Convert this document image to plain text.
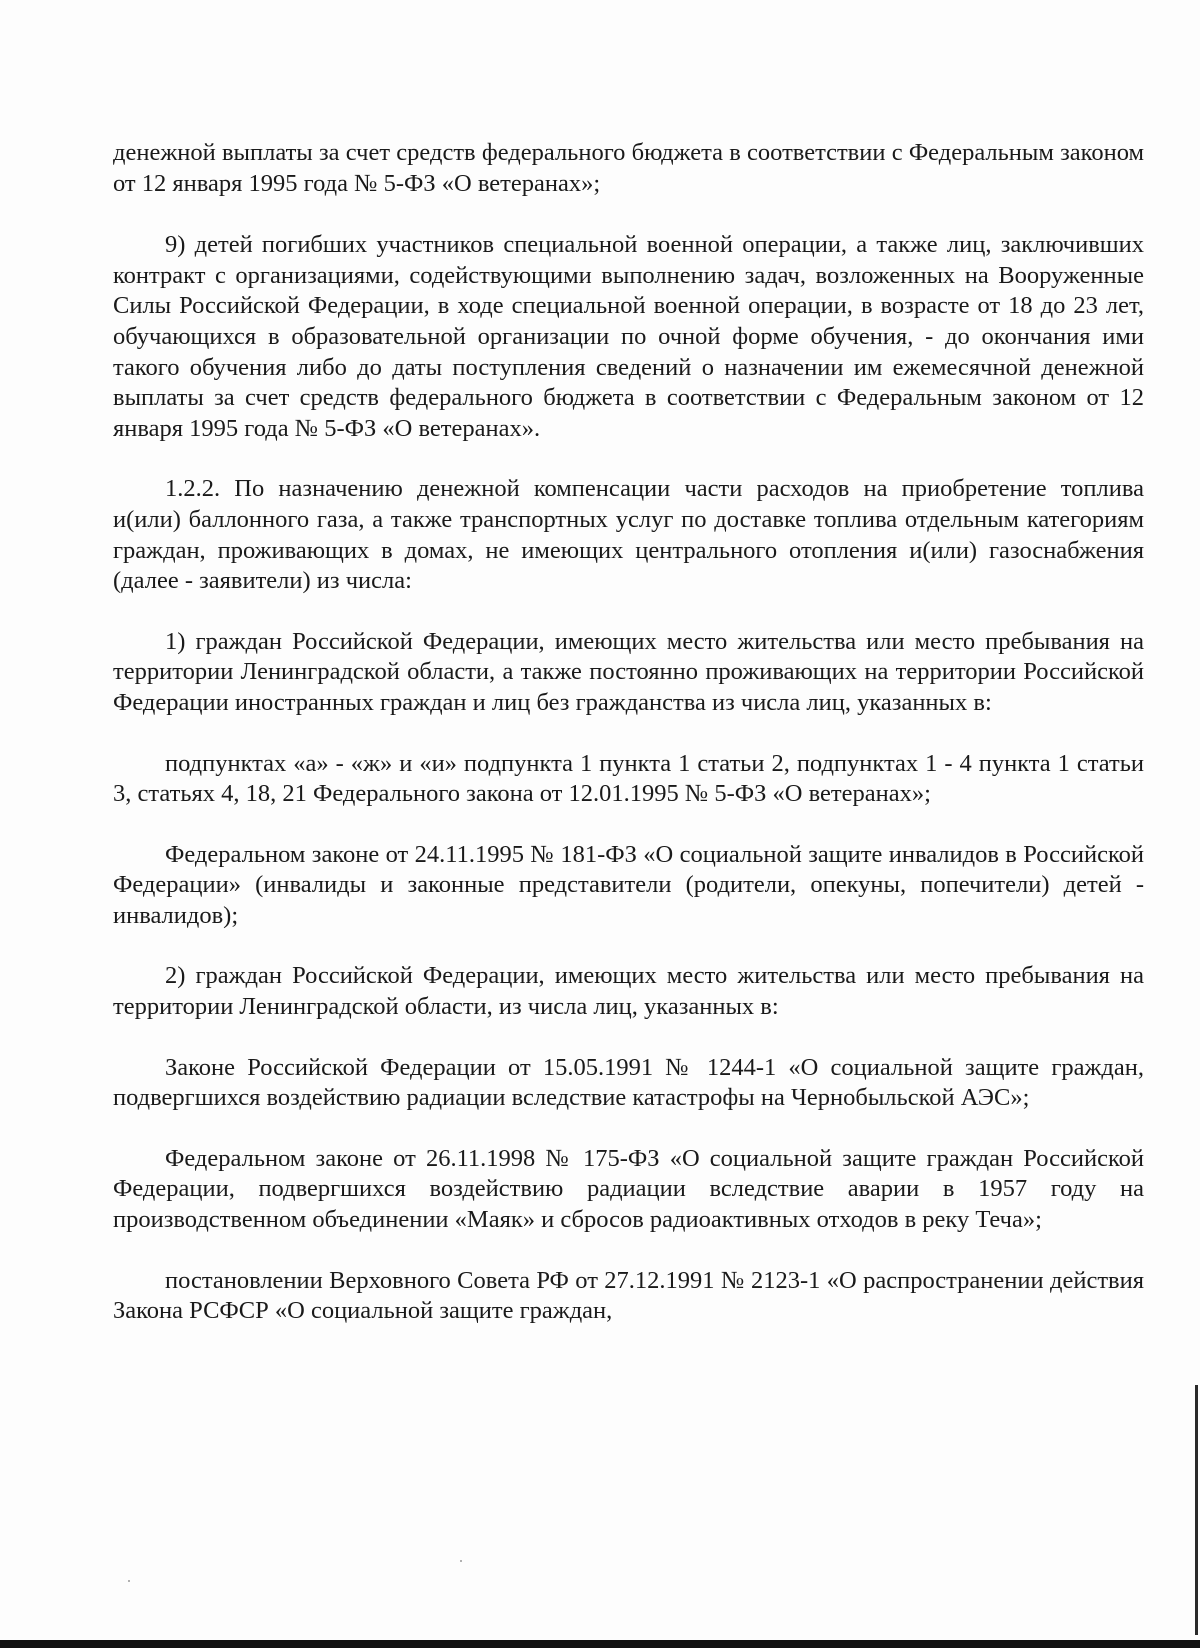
денежной выплаты за счет средств федерального бюджета в соответствии с Федеральным законом от 12 января 1995 года № 5-ФЗ «О ветеранах»;

9) детей погибших участников специальной военной операции, а также лиц, заключивших контракт с организациями, содействующими выполнению задач, возложенных на Вооруженные Силы Российской Федерации, в ходе специальной военной операции, в возрасте от 18 до 23 лет, обучающихся в образовательной организации по очной форме обучения, - до окончания ими такого обучения либо до даты поступления сведений о назначении им ежемесячной денежной выплаты за счет средств федерального бюджета в соответствии с Федеральным законом от 12 января 1995 года № 5-ФЗ «О ветеранах».

1.2.2. По назначению денежной компенсации части расходов на приобретение топлива и(или) баллонного газа, а также транспортных услуг по доставке топлива отдельным категориям граждан, проживающих в домах, не имеющих центрального отопления и(или) газоснабжения (далее - заявители) из числа:

1) граждан Российской Федерации, имеющих место жительства или место пребывания на территории Ленинградской области, а также постоянно проживающих на территории Российской Федерации иностранных граждан и лиц без гражданства из числа лиц, указанных в:

подпунктах «а» - «ж» и «и» подпункта 1 пункта 1 статьи 2, подпунктах 1 - 4 пункта 1 статьи 3, статьях 4, 18, 21 Федерального закона от 12.01.1995 № 5-ФЗ «О ветеранах»;

Федеральном законе от 24.11.1995 № 181-ФЗ «О социальной защите инвалидов в Российской Федерации» (инвалиды и законные представители (родители, опекуны, попечители) детей - инвалидов);

2) граждан Российской Федерации, имеющих место жительства или место пребывания на территории Ленинградской области, из числа лиц, указанных в:

Законе Российской Федерации от 15.05.1991 № 1244-1 «О социальной защите граждан, подвергшихся воздействию радиации вследствие катастрофы на Чернобыльской АЭС»;

Федеральном законе от 26.11.1998 № 175-ФЗ «О социальной защите граждан Российской Федерации, подвергшихся воздействию радиации вследствие аварии в 1957 году на производственном объединении «Маяк» и сбросов радиоактивных отходов в реку Теча»;

постановлении Верховного Совета РФ от 27.12.1991 № 2123-1 «О распространении действия Закона РСФСР «О социальной защите граждан,
